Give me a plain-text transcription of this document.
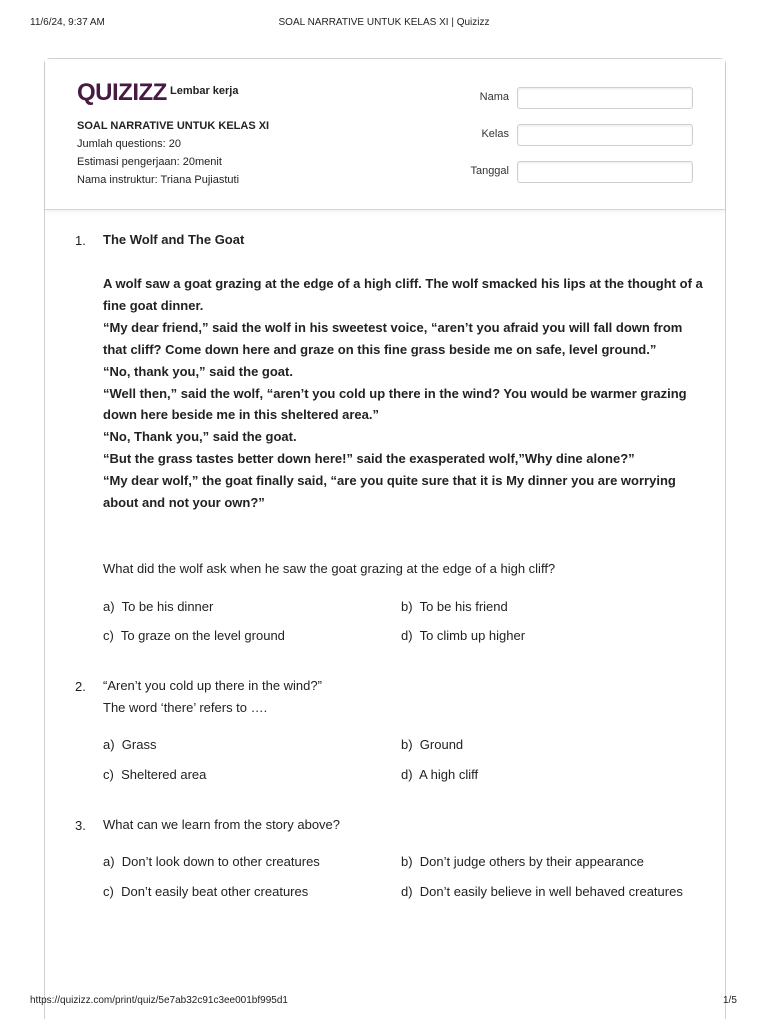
11/6/24, 9:37 AM	SOAL NARRATIVE UNTUK KELAS XI | Quizizz
QUIZIZZ Lembar kerja
SOAL NARRATIVE UNTUK KELAS XI
Jumlah questions: 20
Estimasi pengerjaan: 20menit
Nama instruktur: Triana Pujiastuti
Nama
Kelas
Tanggal
1. The Wolf and The Goat

A wolf saw a goat grazing at the edge of a high cliff. The wolf smacked his lips at the thought of a fine goat dinner.

“My dear friend,” said the wolf in his sweetest voice, “aren’t you afraid you will fall down from that cliff? Come down here and graze on this fine grass beside me on safe, level ground.”

“No, thank you,” said the goat.

“Well then,” said the wolf, “aren’t you cold up there in the wind? You would be warmer grazing down here beside me in this sheltered area.”

“No, Thank you,” said the goat.

“But the grass tastes better down here!” said the exasperated wolf,”Why dine alone?”

“My dear wolf,” the goat finally said, “are you quite sure that it is My dinner you are worrying about and not your own?”

What did the wolf ask when he saw the goat grazing at the edge of a high cliff?
a) To be his dinner	b) To be his friend
c) To graze on the level ground	d) To climb up higher
2. “Aren’t you cold up there in the wind?”
The word ‘there’ refers to ….
a) Grass	b) Ground
c) Sheltered area	d) A high cliff
3. What can we learn from the story above?
a) Don’t look down to other creatures	b) Don’t judge others by their appearance
c) Don’t easily beat other creatures	d) Don’t easily believe in well behaved creatures
https://quizizz.com/print/quiz/5e7ab32c91c3ee001bf995d1	1/5
